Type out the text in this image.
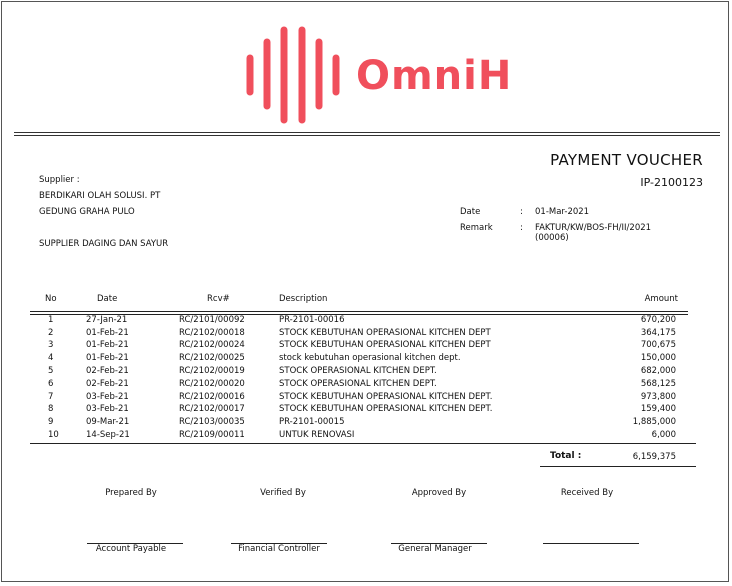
OmniH
PAYMENT VOUCHER
IP-2100123
Supplier :
BERDIKARI OLAH SOLUSI. PT
GEDUNG GRAHA PULO
SUPPLIER DAGING DAN SAYUR
Date	: 01-Mar-2021
Remark	: FAKTUR/KW/BOS-FH/II/2021
(00006)
No	Date	Rcv#	Description	Amount
1	27-Jan-21	RC/2101/00092	PR-2101-00016	670,200
2	01-Feb-21	RC/2102/00018	STOCK KEBUTUHAN OPERASIONAL KITCHEN DEPT	364,175
3	01-Feb-21	RC/2102/00024	STOCK KEBUTUHAN OPERASIONAL KITCHEN DEPT	700,675
4	01-Feb-21	RC/2102/00025	stock kebutuhan operasional kitchen dept.	150,000
5	02-Feb-21	RC/2102/00019	STOCK OPERASIONAL KITCHEN DEPT.	682,000
6	02-Feb-21	RC/2102/00020	STOCK OPERASIONAL KITCHEN DEPT.	568,125
7	03-Feb-21	RC/2102/00016	STOCK KEBUTUHAN OPERASIONAL KITCHEN DEPT.	973,800
8	03-Feb-21	RC/2102/00017	STOCK KEBUTUHAN OPERASIONAL KITCHEN DEPT.	159,400
9	09-Mar-21	RC/2103/00035	PR-2101-00015	1,885,000
10	14-Sep-21	RC/2109/00011	UNTUK RENOVASI	6,000
Total :	6,159,375
Prepared By	Verified By	Approved By	Received By
Account Payable	Financial Controller	General Manager
